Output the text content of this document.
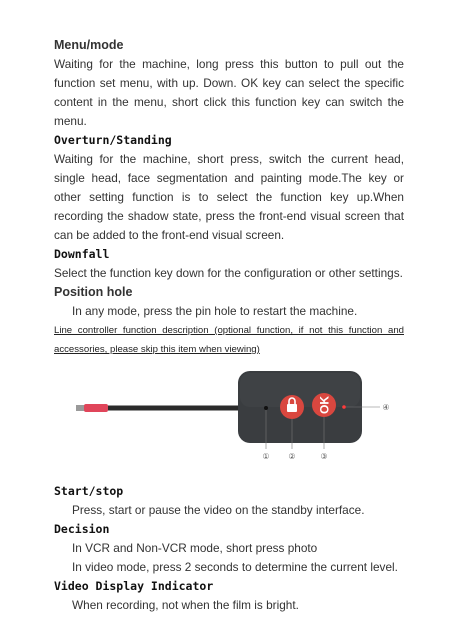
Menu/mode

Waiting for the machine, long press this button to pull out the function set menu, with up. Down. OK key can select the specific content in the menu, short click this function key can switch the menu.

Overturn/Standing

Waiting for the machine, short press, switch the current head, single head, face segmentation and painting mode.The key or other setting function is to select the function key up.When recording the shadow state, press the front-end visual screen that can be added to the front-end visual screen.

Downfall

Select the function key down for the configuration or other settings.

Position hole

In any mode, press the pin hole to restart the machine.

Line controller function description (optional function, if not this function and accessories, please skip this item when viewing)

OK
① ②	③
④

Start/stop

Press, start or pause the video on the standby interface.

Decision

In VCR and Non-VCR mode, short press photo

In video mode, press 2 seconds to determine the current level.

Video Display Indicator

When recording, not when the film is bright.
